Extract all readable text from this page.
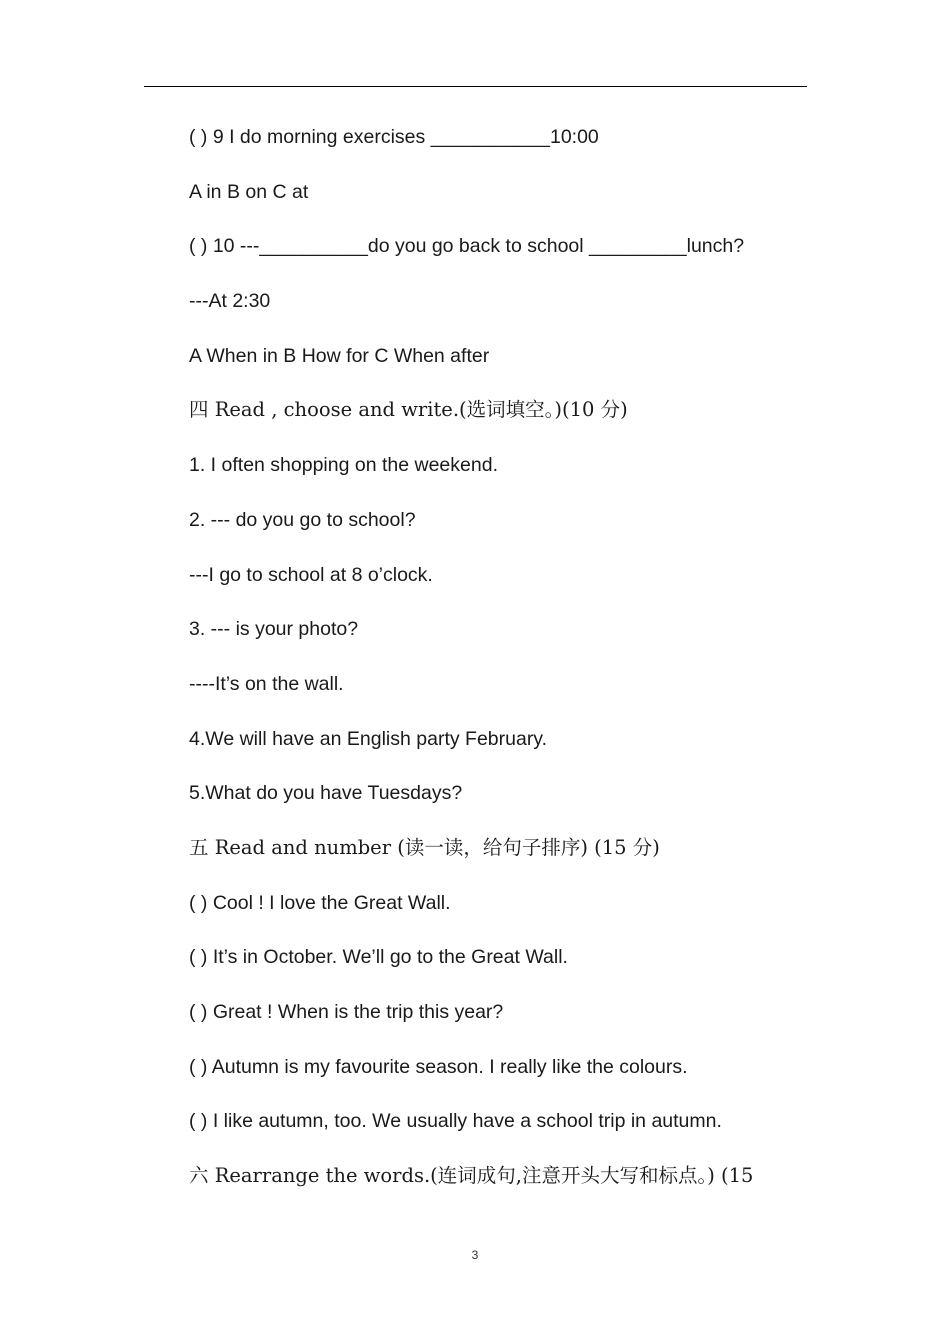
( ) 9 I do morning exercises ___________10:00
A in B on C at
( ) 10 ---__________do you go back to school _________lunch?
---At 2:30
A When in B How for C When after
四 Read , choose and write.(选词填空。)(10 分)
1. I often shopping on the weekend.
2. --- do you go to school?
---I go to school at 8 o’clock.
3. --- is your photo?
----It’s on the wall.
4.We will have an English party February.
5.What do you have Tuesdays?
五 Read and number (读一读，给句子排序) (15 分)
( ) Cool ! I love the Great Wall.
( ) It’s in October. We’ll go to the Great Wall.
( ) Great ! When is the trip this year?
( ) Autumn is my favourite season. I really like the colours.
( ) I like autumn, too. We usually have a school trip in autumn.
六 Rearrange the words.(连词成句,注意开头大写和标点。) (15
3
